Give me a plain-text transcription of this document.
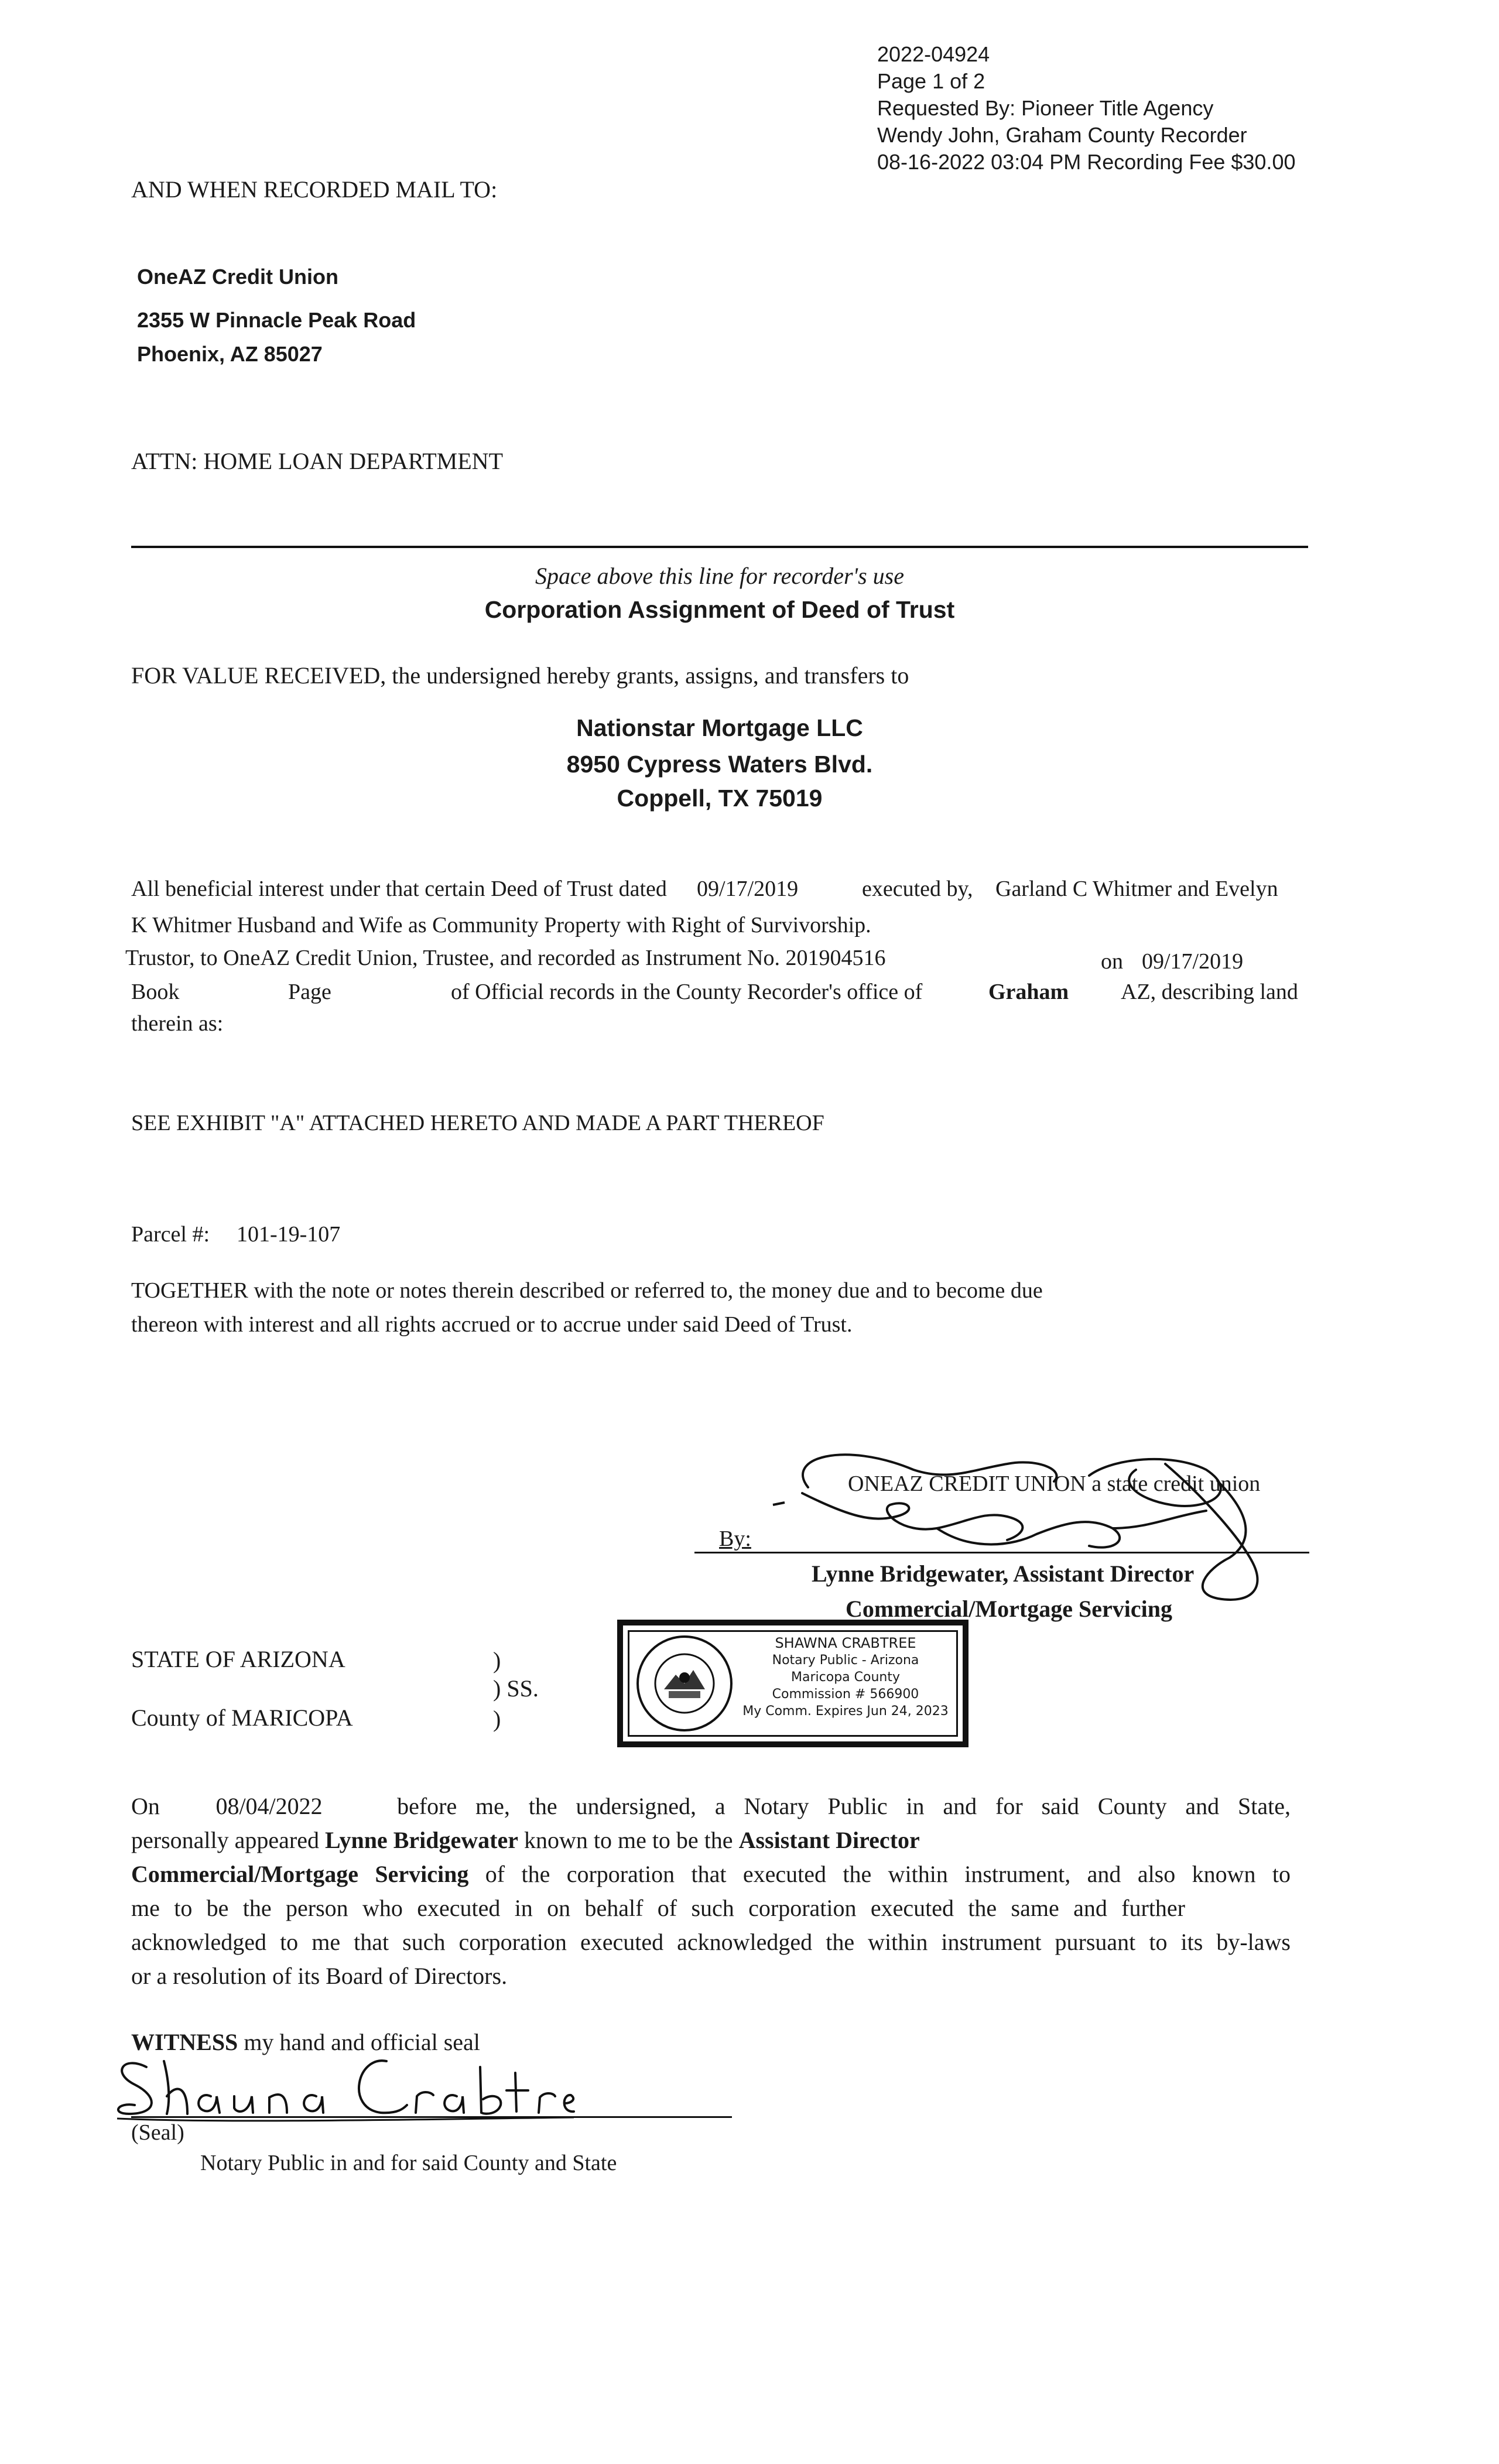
2022-04924
Page 1 of 2
Requested By: Pioneer Title Agency
Wendy John, Graham County Recorder
08-16-2022 03:04 PM Recording Fee $30.00
AND WHEN RECORDED MAIL TO:
OneAZ Credit Union
2355 W Pinnacle Peak Road
Phoenix, AZ 85027
ATTN: HOME LOAN DEPARTMENT
Space above this line for recorder's use
Corporation Assignment of Deed of Trust
FOR VALUE RECEIVED, the undersigned hereby grants, assigns, and transfers to
Nationstar Mortgage LLC
8950 Cypress Waters Blvd.
Coppell, TX 75019
All beneficial interest under that certain Deed of Trust dated 09/17/2019	executed by, Garland C Whitmer and Evelyn
K Whitmer Husband and Wife as Community Property with Right of Survivorship.
Trustor, to OneAZ Credit Union, Trustee, and recorded as Instrument No. 201904516	on 09/17/2019
Book	Page	of Official records in the County Recorder's office of	Graham AZ, describing land
therein as:
SEE EXHIBIT "A" ATTACHED HERETO AND MADE A PART THEREOF
Parcel #: 101-19-107
TOGETHER with the note or notes therein described or referred to, the money due and to become due
thereon with interest and all rights accrued or to accrue under said Deed of Trust.
ONEAZ CREDIT UNION a state credit union
By:
Lynne Bridgewater, Assistant Director
Commercial/Mortgage Servicing
STATE OF ARIZONA
County of MARICOPA
)
) SS.
)
SHAWNA CRABTREE
Notary Public - Arizona
Maricopa County
Commission # 566900
My Comm. Expires Jun 24, 2023
On 08/04/2022	before me, the undersigned, a Notary Public in and for said County and State,
personally appeared Lynne Bridgewater known to me to be the Assistant Director
Commercial/Mortgage Servicing of the corporation that executed the within instrument, and also known to
me to be the person who executed in on behalf of such corporation executed the same and further
acknowledged to me that such corporation executed acknowledged the within instrument pursuant to its by-laws
or a resolution of its Board of Directors.
WITNESS my hand and official seal
(Seal)
Notary Public in and for said County and State
